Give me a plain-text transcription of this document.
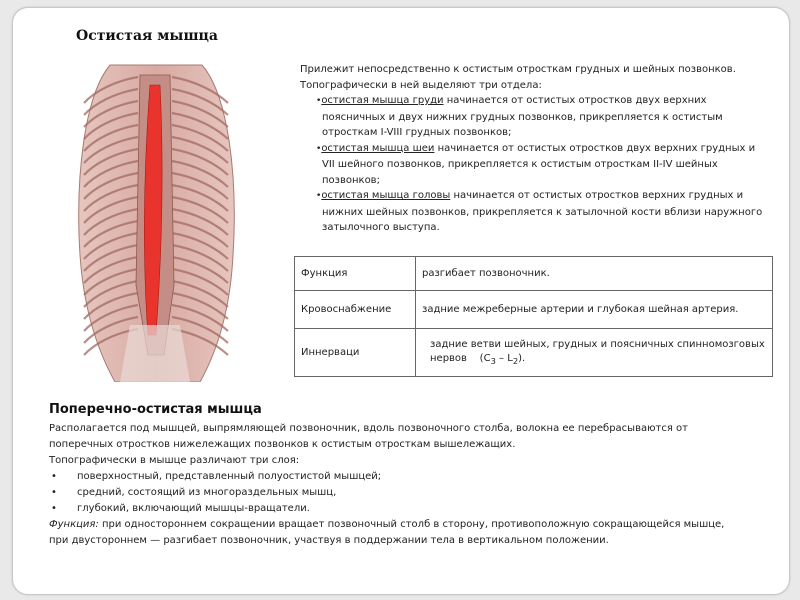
Остистая мышца

Прилежит непосредственно к остистым отросткам грудных и шейных позвонков. Топографически в ней выделяют три отдела:

•остистая мышца груди начинается от остистых отростков двух верхних поясничных и двух нижних грудных позвонков, прикрепляется к остистым отросткам I-VIII грудных позвонков;

•остистая мышца шеи начинается от остистых отростков двух верхних грудных и VII шейного позвонков, прикрепляется к остистым отросткам II-IV шейных позвонков;

•остистая мышца головы начинается от остистых отростков верхних грудных и нижних шейных позвонков, прикрепляется к затылочной кости вблизи наружного затылочного выступа.

Функция	разгибает позвоночник.
Кровоснабжение	задние межреберные артерии и глубокая шейная артерия.
Иннерваци	задние ветви шейных, грудных и поясничных спинномозговых нервов $(C_3 - L_2)$.
Поперечно-остистая мышца

Располагается под мышцей, выпрямляющей позвоночник, вдоль позвоночного столба, волокна ее перебрасываются от поперечных отростков нижележащих позвонков к остистым отросткам вышележащих.

Топографически в мышце различают три слоя:

• поверхностный, представленный полуостистой мышцей;

• средний, состоящий из многораздельных мышц,

• глубокий, включающий мышцы-вращатели.

Функция: при одностороннем сокращении вращает позвоночный столб в сторону, противоположную сокращающейся мышце, при двустороннем — разгибает позвоночник, участвуя в поддержании тела в вертикальном положении.
